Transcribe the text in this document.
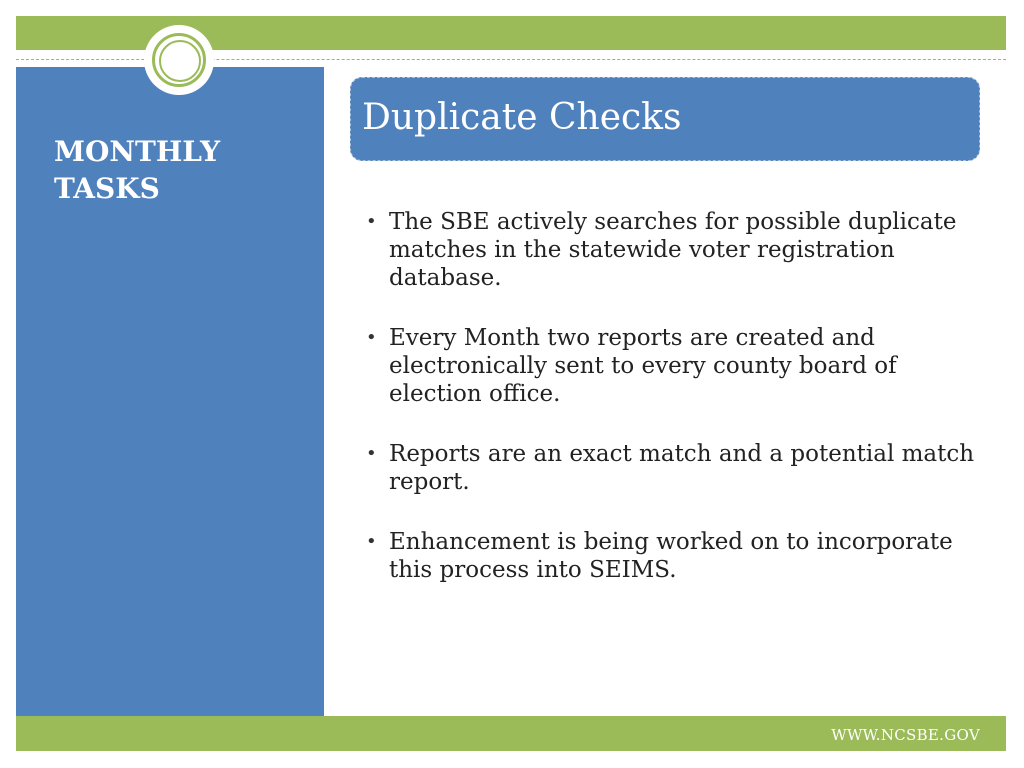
MONTHLY
TASKS
Duplicate Checks
• The SBE actively searches for possible duplicate matches in the statewide voter registration database.
• Every Month two reports are created and electronically sent to every county board of election office.
• Reports are an exact match and a potential match report.
• Enhancement is being worked on to incorporate this process into SEIMS.
WWW.NCSBE.GOV
